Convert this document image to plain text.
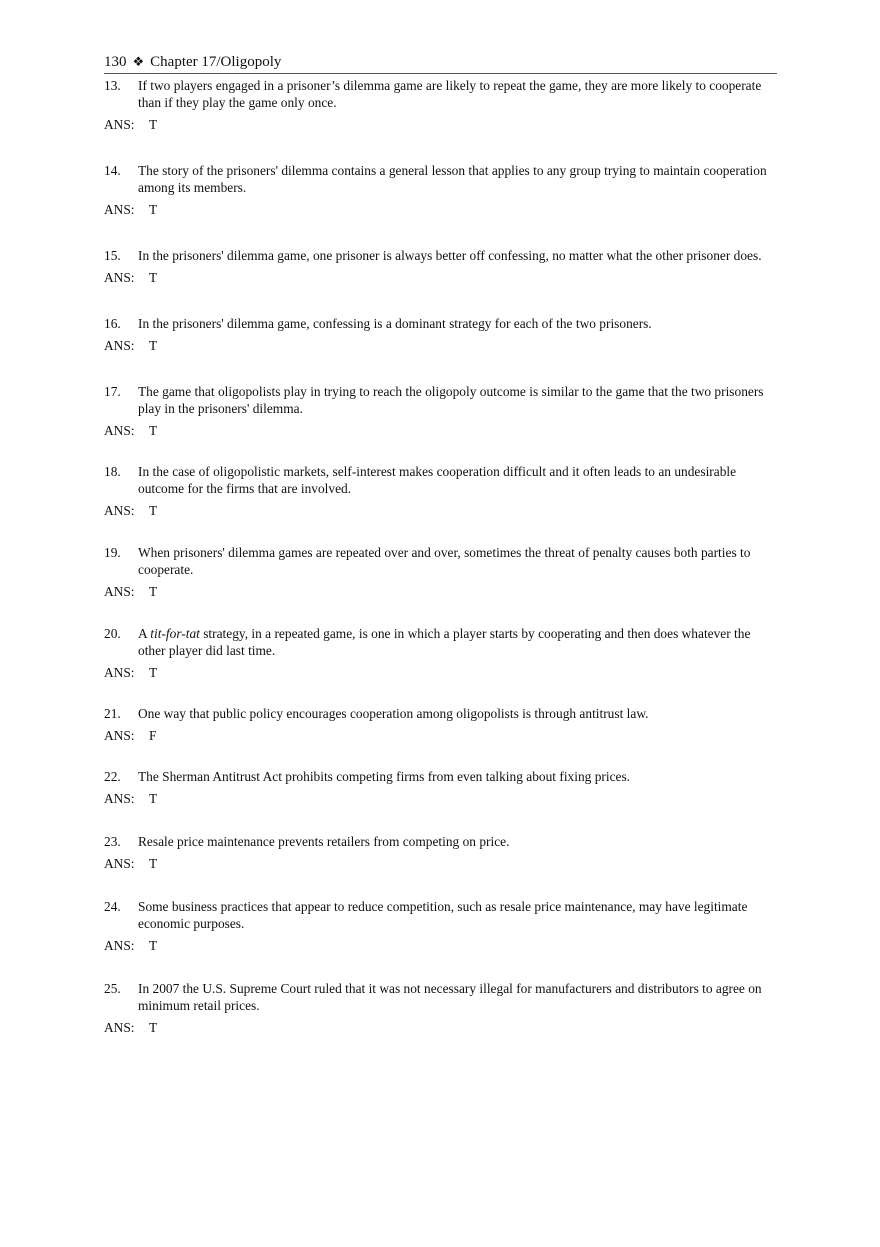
130 ❖ Chapter 17/Oligopoly
13.	If two players engaged in a prisoner’s dilemma game are likely to repeat the game, they are more likely to cooperate than if they play the game only once.
ANS: T
14.	The story of the prisoners' dilemma contains a general lesson that applies to any group trying to maintain cooperation among its members.
ANS: T
15.	In the prisoners' dilemma game, one prisoner is always better off confessing, no matter what the other prisoner does.
ANS: T
16.	In the prisoners' dilemma game, confessing is a dominant strategy for each of the two prisoners.
ANS: T
17.	The game that oligopolists play in trying to reach the oligopoly outcome is similar to the game that the two prisoners play in the prisoners' dilemma.
ANS: T
18.	In the case of oligopolistic markets, self-interest makes cooperation difficult and it often leads to an undesirable outcome for the firms that are involved.
ANS: T
19.	When prisoners' dilemma games are repeated over and over, sometimes the threat of penalty causes both parties to cooperate.
ANS: T
20.	A tit-for-tat strategy, in a repeated game, is one in which a player starts by cooperating and then does whatever the other player did last time.
ANS: T
21.	One way that public policy encourages cooperation among oligopolists is through antitrust law.
ANS: F
22.	The Sherman Antitrust Act prohibits competing firms from even talking about fixing prices.
ANS: T
23.	Resale price maintenance prevents retailers from competing on price.
ANS: T
24.	Some business practices that appear to reduce competition, such as resale price maintenance, may have legitimate economic purposes.
ANS: T
25.	In 2007 the U.S. Supreme Court ruled that it was not necessary illegal for manufacturers and distributors to agree on minimum retail prices.
ANS: T
